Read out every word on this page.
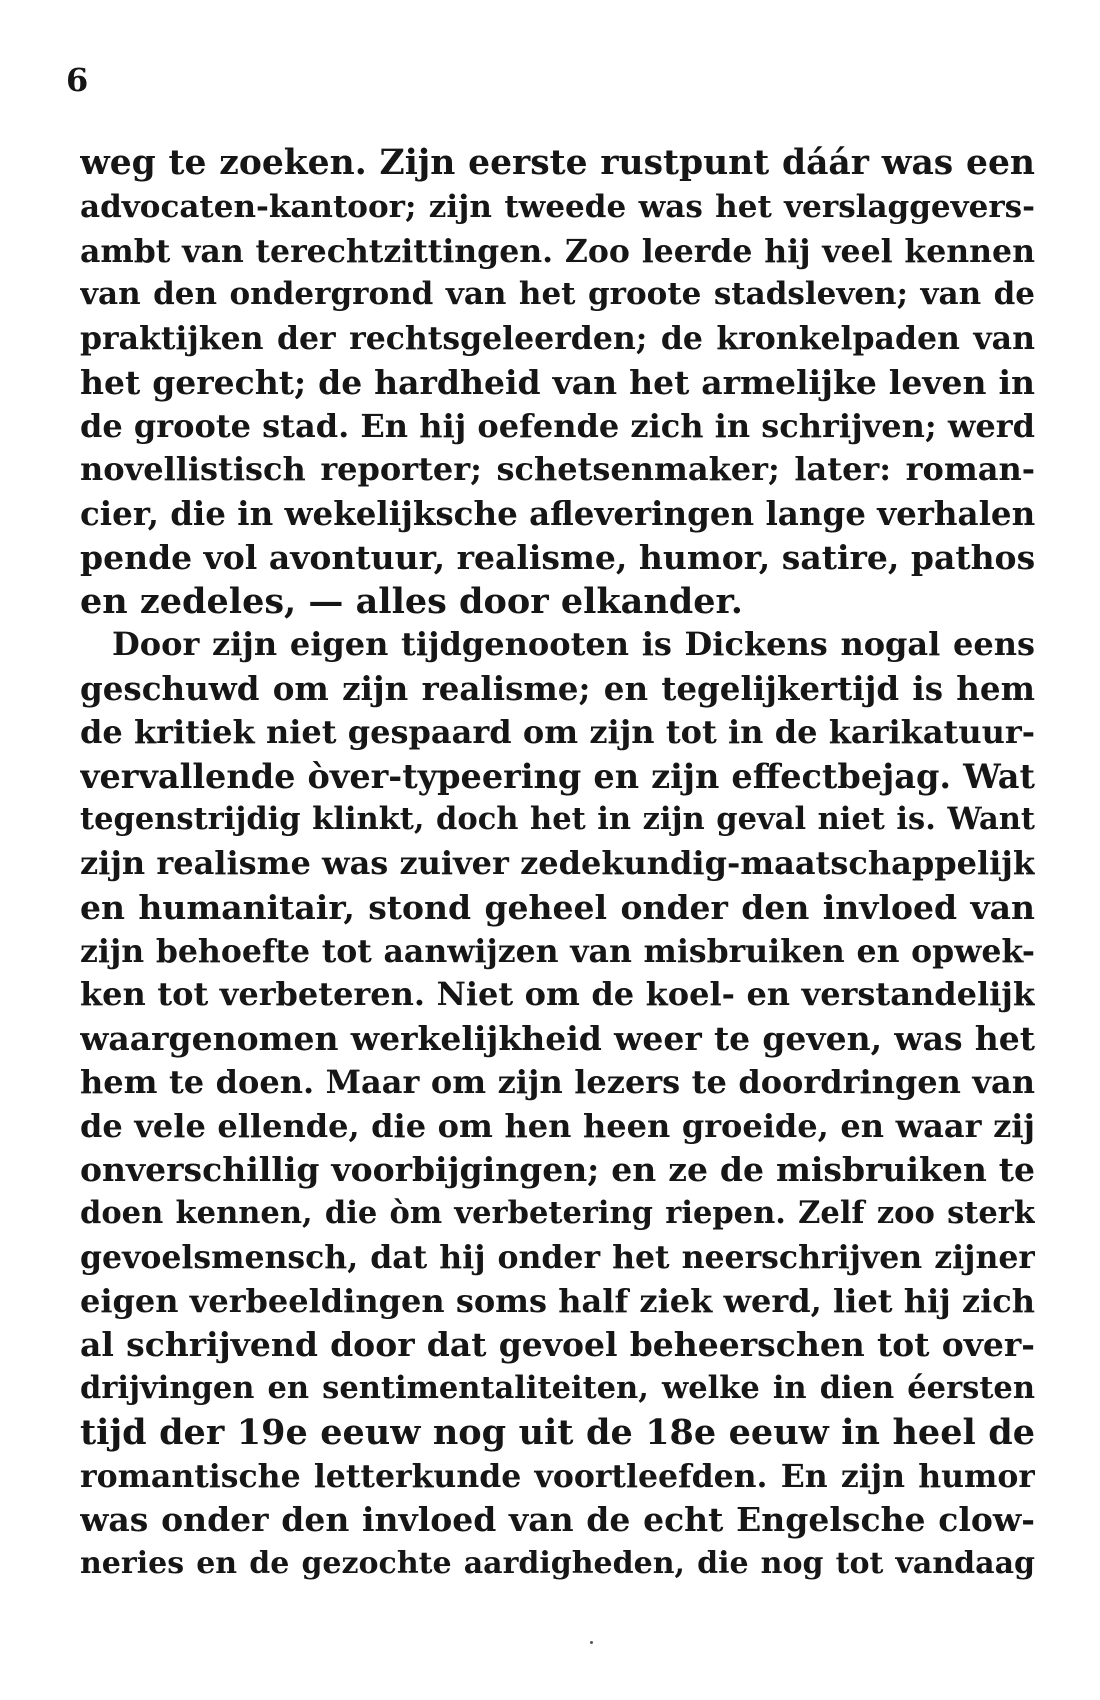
6
weg te zoeken. Zijn eerste rustpunt dáár was een
advocaten-kantoor; zijn tweede was het verslaggevers-
ambt van terechtzittingen. Zoo leerde hij veel kennen
van den ondergrond van het groote stadsleven; van de
praktijken der rechtsgeleerden; de kronkelpaden van
het gerecht; de hardheid van het armelijke leven in
de groote stad. En hij oefende zich in schrijven; werd
novellistisch reporter; schetsenmaker; later: roman-
cier, die in wekelijksche afleveringen lange verhalen
pende vol avontuur, realisme, humor, satire, pathos
en zedeles, — alles door elkander.
Door zijn eigen tijdgenooten is Dickens nogal eens
geschuwd om zijn realisme; en tegelijkertijd is hem
de kritiek niet gespaard om zijn tot in de karikatuur-
vervallende òver-typeering en zijn effectbejag. Wat
tegenstrijdig klinkt, doch het in zijn geval niet is. Want
zijn realisme was zuiver zedekundig-maatschappelijk
en humanitair, stond geheel onder den invloed van
zijn behoefte tot aanwijzen van misbruiken en opwek-
ken tot verbeteren. Niet om de koel- en verstandelijk
waargenomen werkelijkheid weer te geven, was het
hem te doen. Maar om zijn lezers te doordringen van
de vele ellende, die om hen heen groeide, en waar zij
onverschillig voorbijgingen; en ze de misbruiken te
doen kennen, die òm verbetering riepen. Zelf zoo sterk
gevoelsmensch, dat hij onder het neerschrijven zijner
eigen verbeeldingen soms half ziek werd, liet hij zich
al schrijvend door dat gevoel beheerschen tot over-
drijvingen en sentimentaliteiten, welke in dien éersten
tijd der 19e eeuw nog uit de 18e eeuw in heel de
romantische letterkunde voortleefden. En zijn humor
was onder den invloed van de echt Engelsche clow-
neries en de gezochte aardigheden, die nog tot vandaag
